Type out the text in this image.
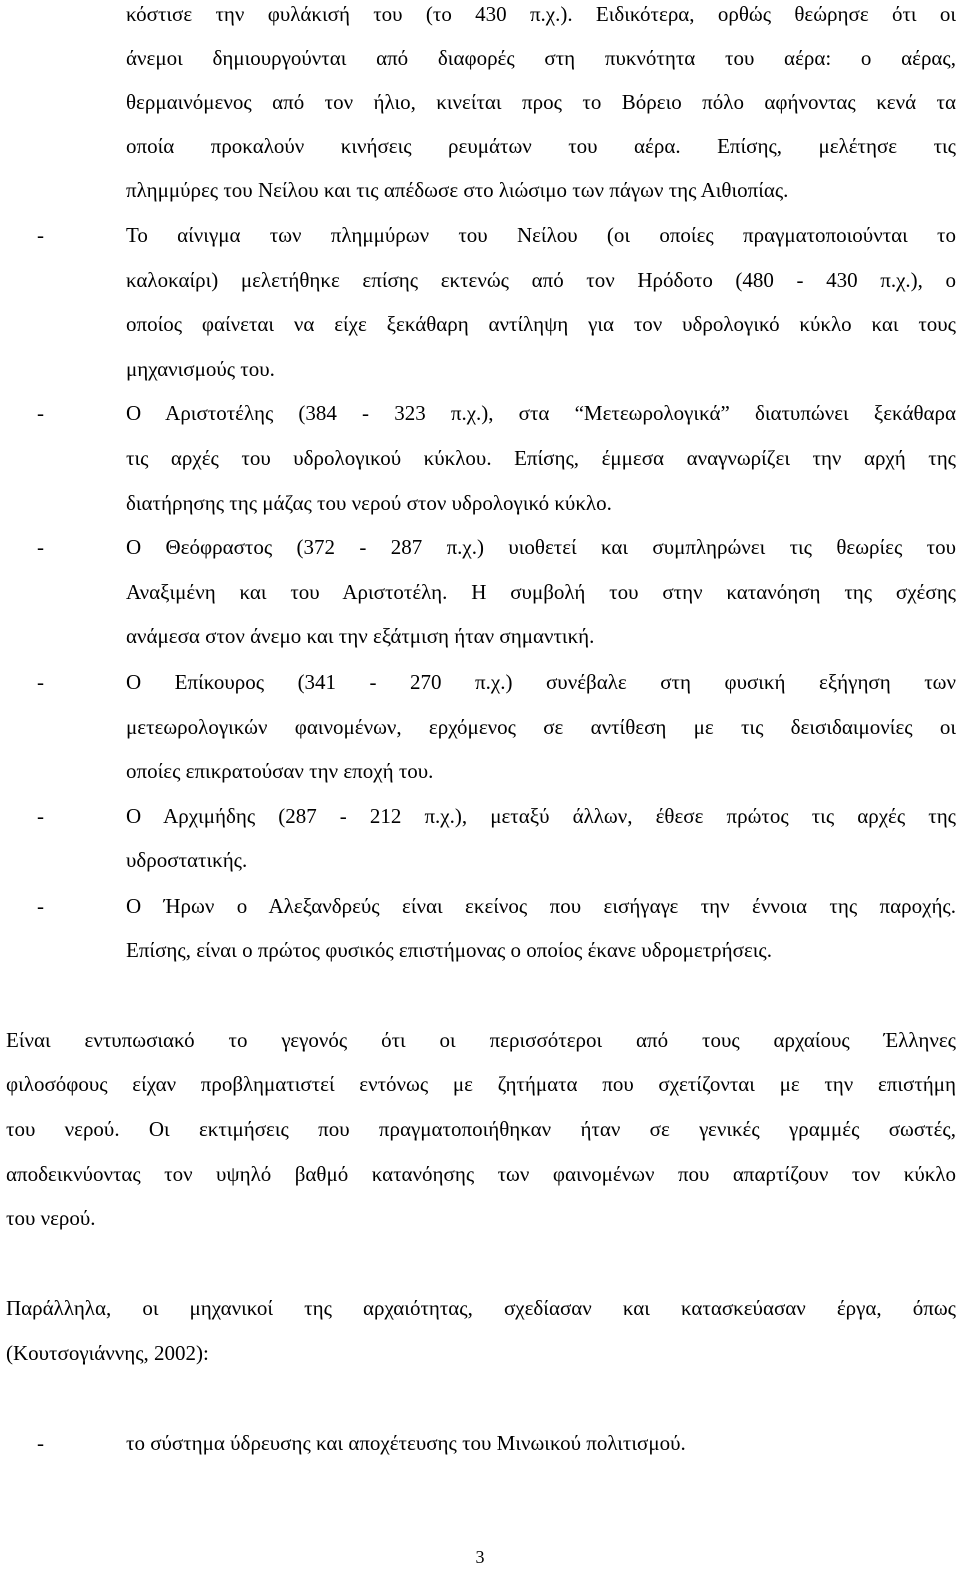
κόστισε την φυλάκισή του (το 430 π.χ.). Ειδικότερα, ορθώς θεώρησε ότι οι
άνεμοι δημιουργούνται από διαφορές στη πυκνότητα του αέρα: ο αέρας,
θερμαινόμενος από τον ήλιο, κινείται προς το Βόρειο πόλο αφήνοντας κενά τα
οποία προκαλούν κινήσεις ρευμάτων του αέρα. Επίσης, μελέτησε τις
πλημμύρες του Νείλου και τις απέδωσε στο λιώσιμο των πάγων της Αιθιοπίας.
-	Το αίνιγμα των πλημμύρων του Νείλου (οι οποίες πραγματοποιούνται το
καλοκαίρι) μελετήθηκε επίσης εκτενώς από τον Ηρόδοτο (480 - 430 π.χ.), ο
οποίος φαίνεται να είχε ξεκάθαρη αντίληψη για τον υδρολογικό κύκλο και τους
μηχανισμούς του.
-	Ο Αριστοτέλης (384 - 323 π.χ.), στα “Μετεωρολογικά” διατυπώνει ξεκάθαρα
τις αρχές του υδρολογικού κύκλου. Επίσης, έμμεσα αναγνωρίζει την αρχή της
διατήρησης της μάζας του νερού στον υδρολογικό κύκλο.
-	Ο Θεόφραστος (372 - 287 π.χ.) υιοθετεί και συμπληρώνει τις θεωρίες του
Αναξιμένη και του Αριστοτέλη. Η συμβολή του στην κατανόηση της σχέσης
ανάμεσα στον άνεμο και την εξάτμιση ήταν σημαντική.
-	Ο Επίκουρος (341 - 270 π.χ.) συνέβαλε στη φυσική εξήγηση των
μετεωρολογικών φαινομένων, ερχόμενος σε αντίθεση με τις δεισιδαιμονίες οι
οποίες επικρατούσαν την εποχή του.
-	Ο Αρχιμήδης (287 - 212 π.χ.), μεταξύ άλλων, έθεσε πρώτος τις αρχές της
υδροστατικής.
-	Ο Ήρων ο Αλεξανδρεύς είναι εκείνος που εισήγαγε την έννοια της παροχής.
Επίσης, είναι ο πρώτος φυσικός επιστήμονας ο οποίος έκανε υδρομετρήσεις.
Είναι εντυπωσιακό το γεγονός ότι οι περισσότεροι από τους αρχαίους Έλληνες
φιλοσόφους είχαν προβληματιστεί εντόνως με ζητήματα που σχετίζονται με την επιστήμη
του νερού. Οι εκτιμήσεις που πραγματοποιήθηκαν ήταν σε γενικές γραμμές σωστές,
αποδεικνύοντας τον υψηλό βαθμό κατανόησης των φαινομένων που απαρτίζουν τον κύκλο
του νερού.
Παράλληλα, οι μηχανικοί της αρχαιότητας, σχεδίασαν και κατασκεύασαν έργα, όπως
(Κουτσογιάννης, 2002):
-	το σύστημα ύδρευσης και αποχέτευσης του Μινωικού πολιτισμού.
3
